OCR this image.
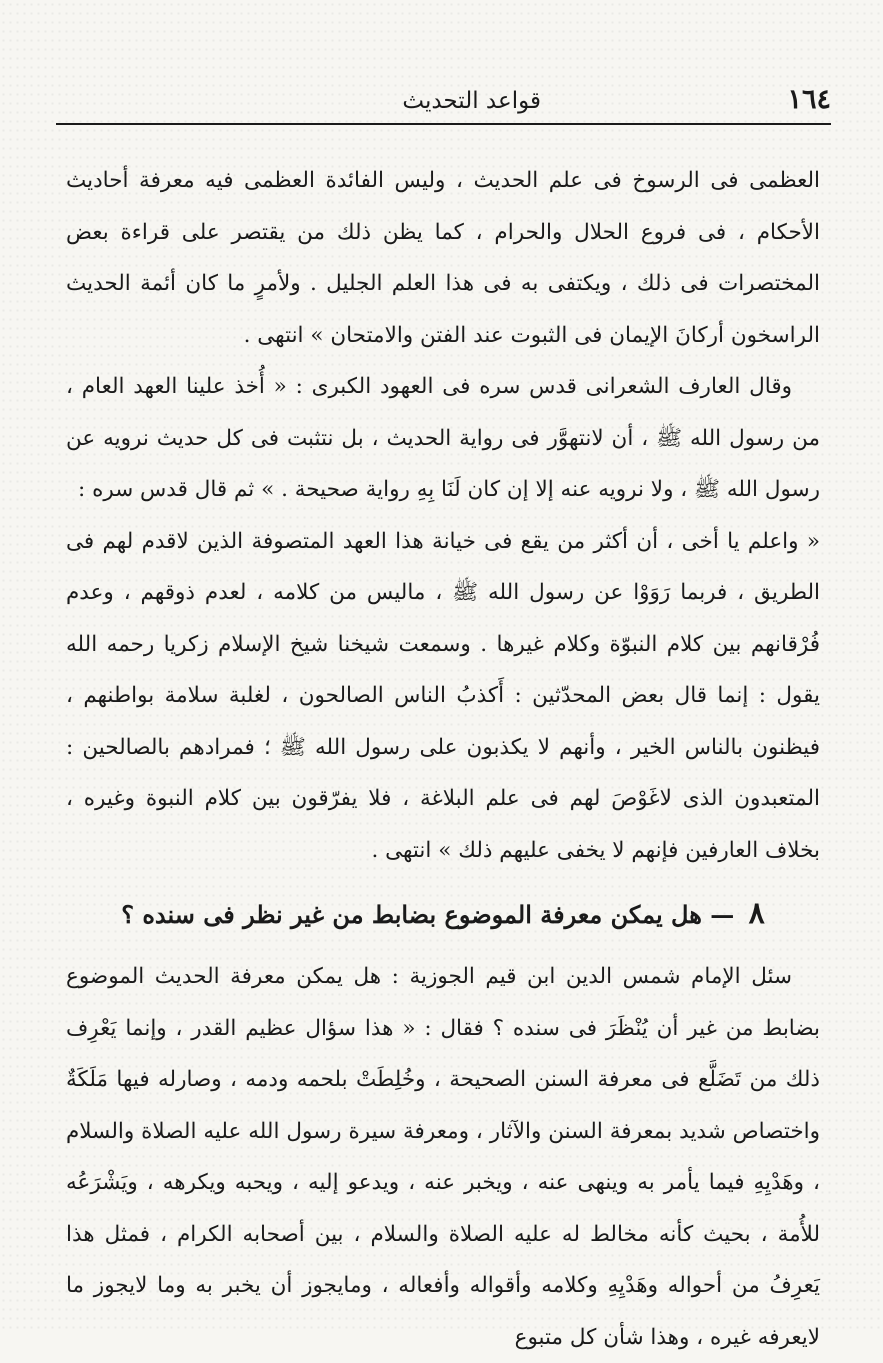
١٦٤
قواعد التحديث

العظمى فى الرسوخ فى علم الحديث ، وليس الفائدة العظمى فيه معرفة أحاديث الأحكام ، فى فروع الحلال والحرام ، كما يظن ذلك من يقتصر على قراءة بعض المختصرات فى ذلك ، ويكتفى به فى هذا العلم الجليل . ولأمرٍ ما كان أئمة الحديث الراسخون أركانَ الإيمان فى الثبوت عند الفتن والامتحان » انتهى .

وقال العارف الشعرانى قدس سره فى العهود الكبرى : « أُخذ علينا العهد العام ، من رسول الله ﷺ ، أن لانتهوَّر فى رواية الحديث ، بل نتثبت فى كل حديث نرويه عن رسول الله ﷺ ، ولا نرويه عنه إلا إن كان لَنَا بِهِ رواية صحيحة . » ثم قال قدس سره :

« واعلم يا أخى ، أن أكثر من يقع فى خيانة هذا العهد المتصوفة الذين لاقدم لهم فى الطريق ، فربما رَوَوْا عن رسول الله ﷺ ، ماليس من كلامه ، لعدم ذوقهم ، وعدم فُرْقانهم بين كلام النبوّة وكلام غيرها . وسمعت شيخنا شيخ الإسلام زكريا رحمه الله يقول : إنما قال بعض المحدّثين : أَكذبُ الناس الصالحون ، لغلبة سلامة بواطنهم ، فيظنون بالناس الخير ، وأنهم لا يكذبون على رسول الله ﷺ ؛ فمرادهم بالصالحين : المتعبدون الذى لاغَوْصَ لهم فى علم البلاغة ، فلا يفرّقون بين كلام النبوة وغيره ، بخلاف العارفين فإنهم لا يخفى عليهم ذلك » انتهى .

٨ — هل يمكن معرفة الموضوع بضابط من غير نظر فى سنده ؟

سئل الإمام شمس الدين ابن قيم الجوزية : هل يمكن معرفة الحديث الموضوع بضابط من غير أن يُنْظَرَ فى سنده ؟ فقال : « هذا سؤال عظيم القدر ، وإنما يَعْرِف ذلك من تَضَلَّع فى معرفة السنن الصحيحة ، وخُلِطَتْ بلحمه ودمه ، وصارله فيها مَلَكَةٌ واختصاص شديد بمعرفة السنن والآثار ، ومعرفة سيرة رسول الله عليه الصلاة والسلام ، وهَدْيِهِ فيما يأمر به وينهى عنه ، ويخبر عنه ، ويدعو إليه ، ويحبه ويكرهه ، ويَشْرَعُه للأُمة ، بحيث كأنه مخالط له عليه الصلاة والسلام ، بين أصحابه الكرام ، فمثل هذا يَعرِفُ من أحواله وهَدْيِهِ وكلامه وأقواله وأفعاله ، ومايجوز أن يخبر به وما لايجوز ما لايعرفه غيره ، وهذا شأن كل متبوع
